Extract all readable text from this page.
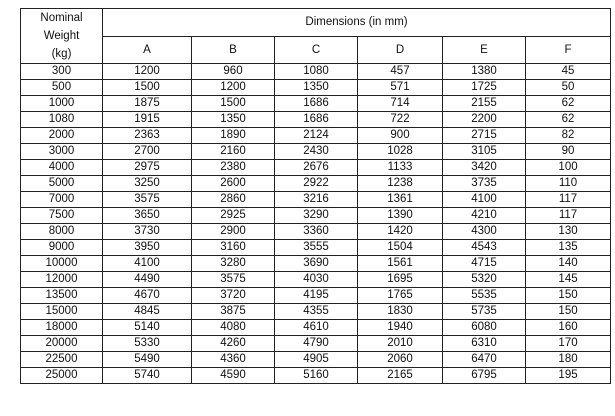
Nominal
Weight
(kg)	Dimensions (in mm)					
	A	B	C	D	E	F
300	1200	960	1080	457	1380	45
500	1500	1200	1350	571	1725	50
1000	1875	1500	1686	714	2155	62
1080	1915	1350	1686	722	2200	62
2000	2363	1890	2124	900	2715	82
3000	2700	2160	2430	1028	3105	90
4000	2975	2380	2676	1133	3420	100
5000	3250	2600	2922	1238	3735	110
7000	3575	2860	3216	1361	4100	117
7500	3650	2925	3290	1390	4210	117
8000	3730	2900	3360	1420	4300	130
9000	3950	3160	3555	1504	4543	135
10000	4100	3280	3690	1561	4715	140
12000	4490	3575	4030	1695	5320	145
13500	4670	3720	4195	1765	5535	150
15000	4845	3875	4355	1830	5735	150
18000	5140	4080	4610	1940	6080	160
20000	5330	4260	4790	2010	6310	170
22500	5490	4360	4905	2060	6470	180
25000	5740	4590	5160	2165	6795	195
